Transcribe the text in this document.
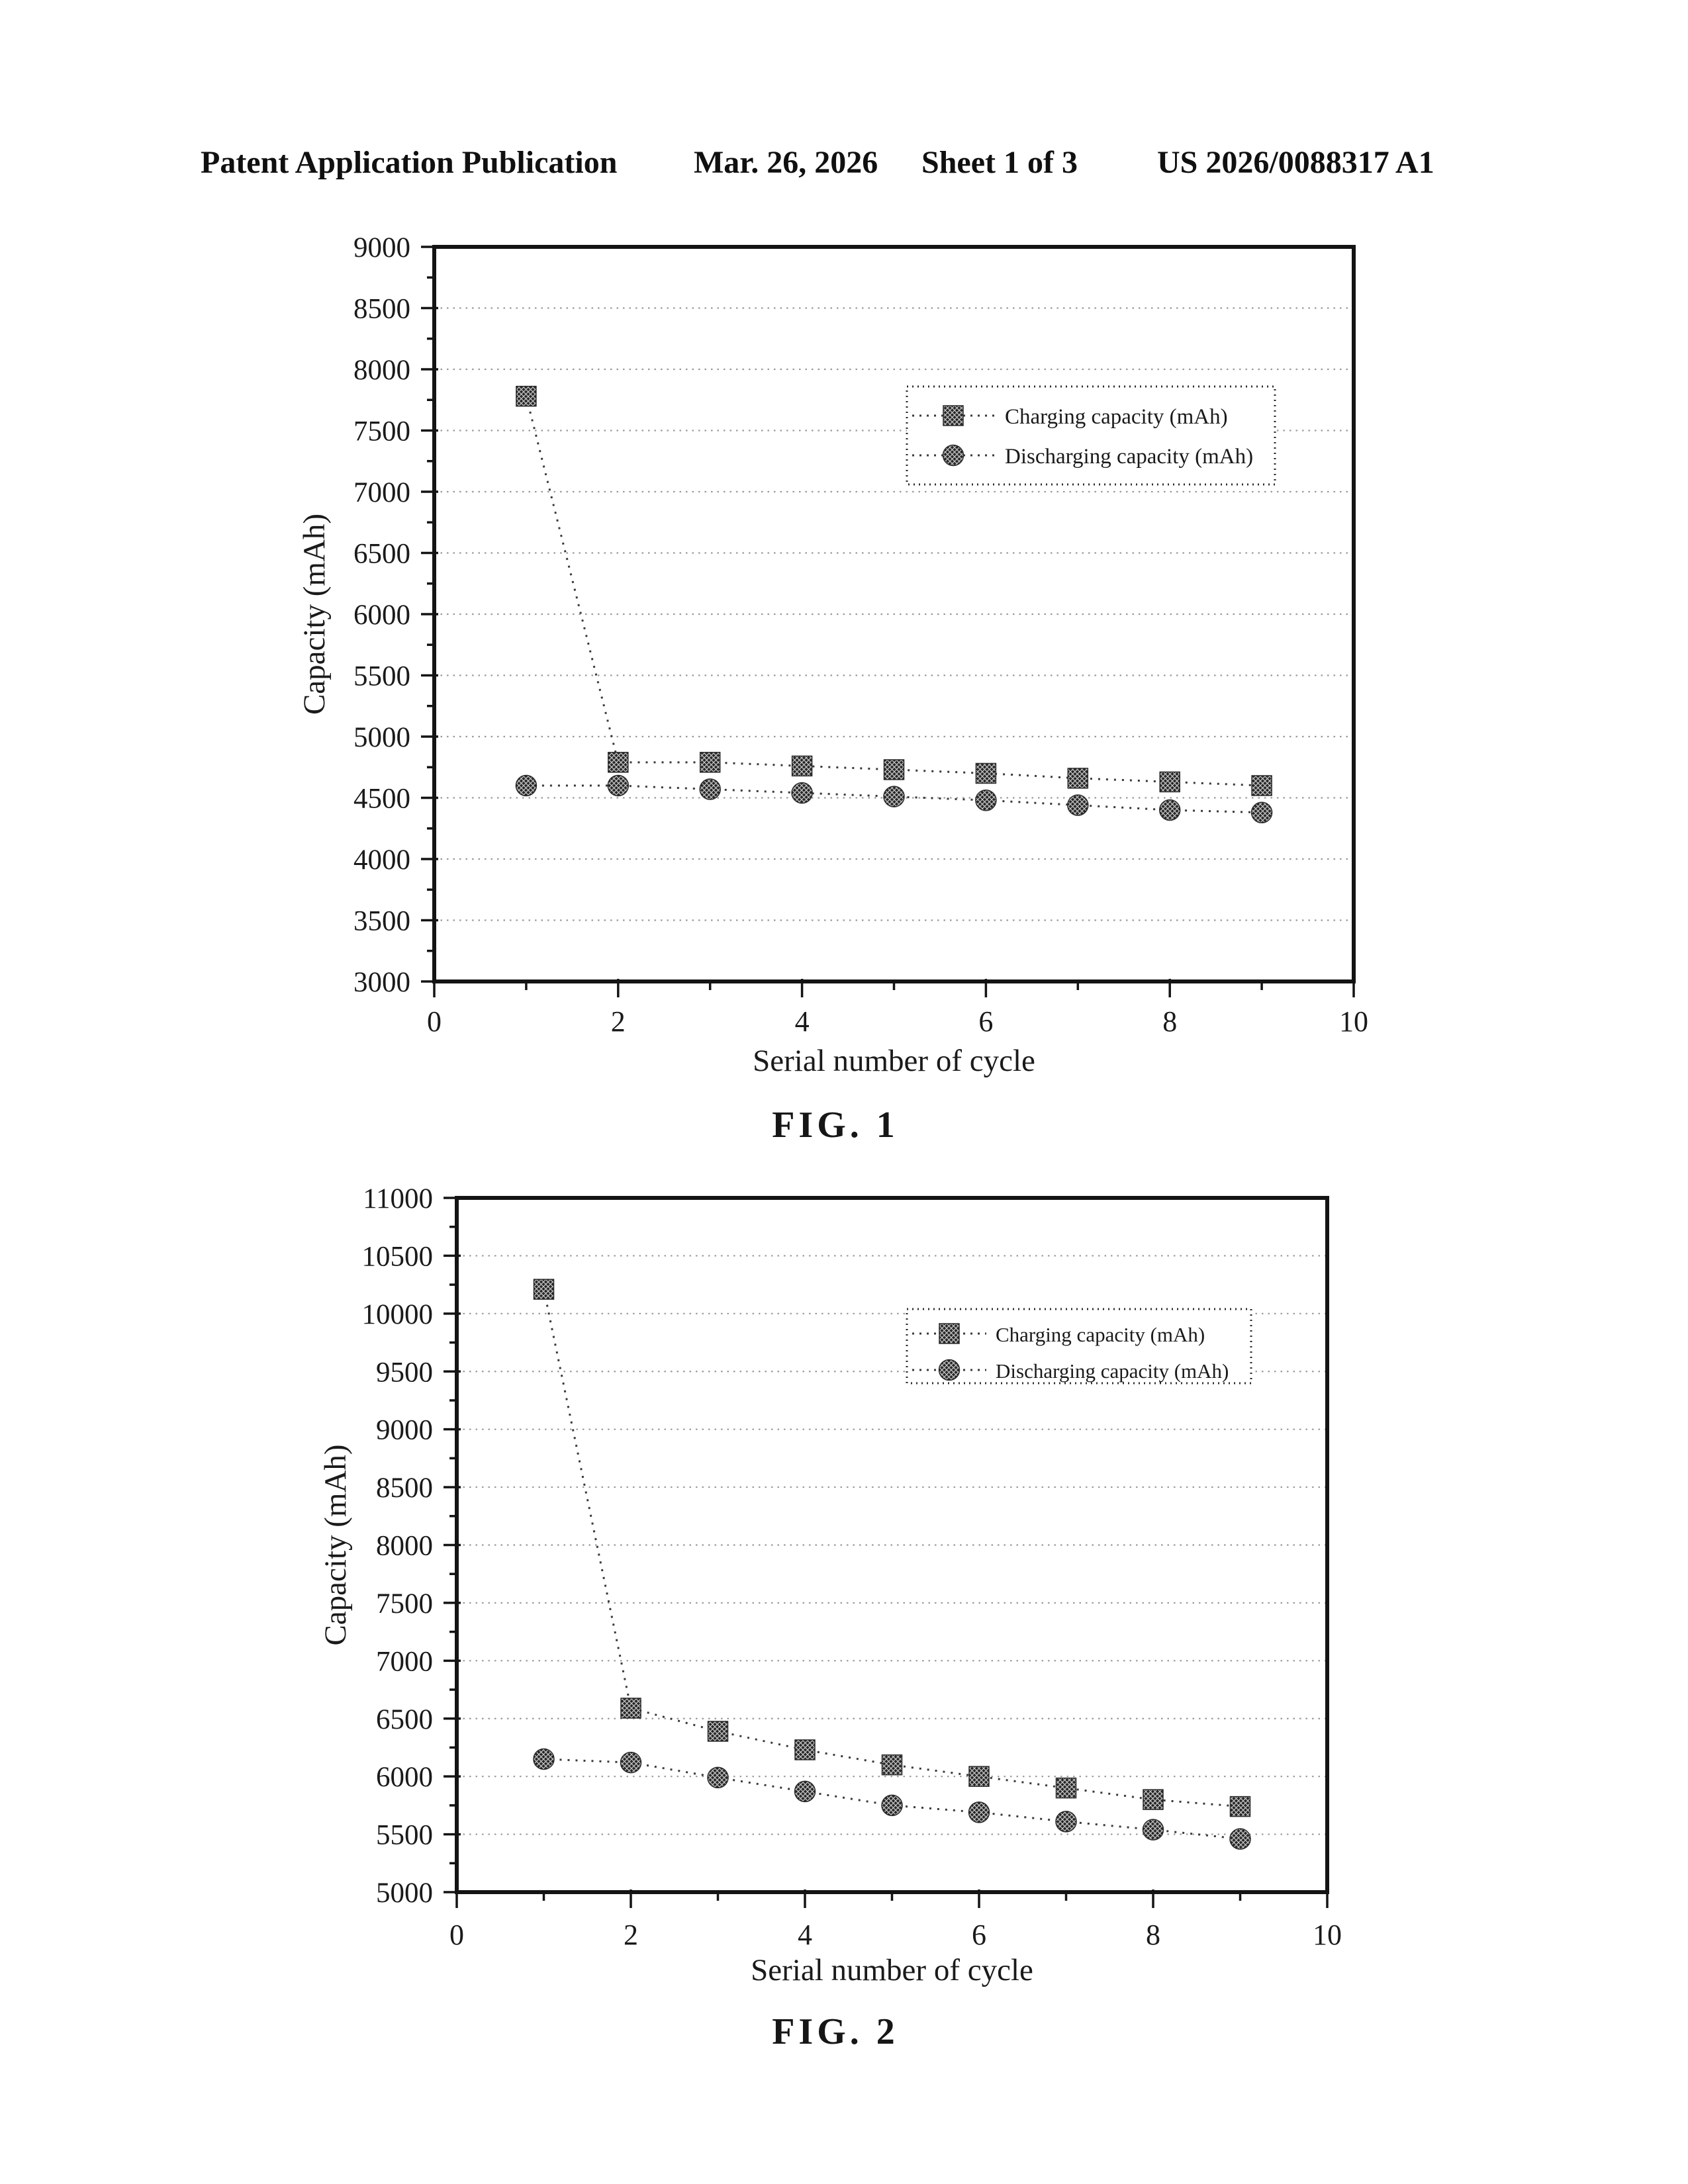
Patent Application Publication Mar. 26, 2026 Sheet 1 of 3	US 2026/0088317 A1
3000
3500
4000
4500
5000
5500
6000
6500
7000
7500
8000
8500
9000
0	2	4	6	8	10
Serial number of cycle
Capacity (mAh)
Charging capacity (mAh)
Discharging capacity (mAh)
FIG. 1
5000
5500
6000
6500
7000
7500
8000
8500
9000
9500
10000
10500
11000
0	2	4	6	8	10
Serial number of cycle
Capacity (mAh)
Charging capacity (mAh)
Discharging capacity (mAh)
FIG. 2
